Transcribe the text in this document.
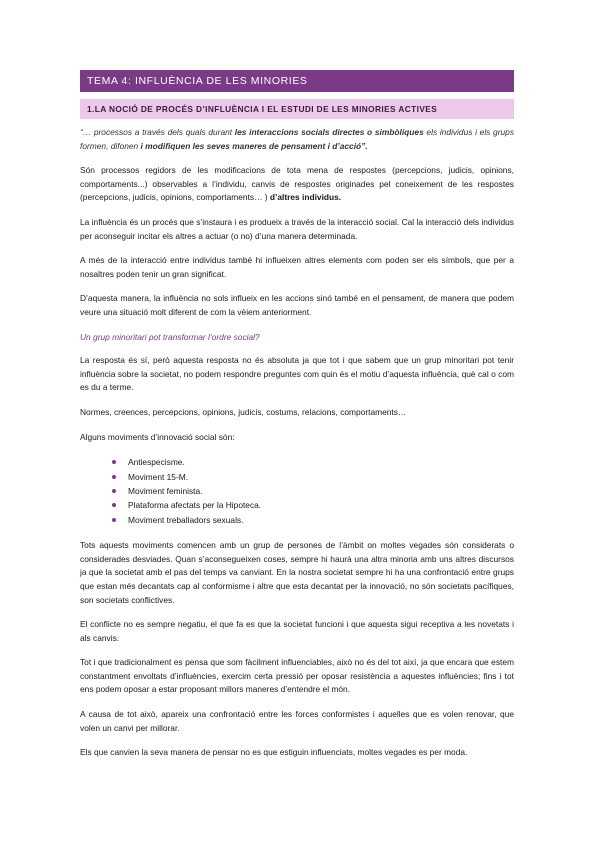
TEMA 4: INFLUÈNCIA DE LES MINORIES
1.LA NOCIÓ DE PROCÉS D’INFLUÈNCIA I EL ESTUDI DE LES MINORIES ACTIVES

“… processos a través dels quals durant les interaccions socials directes o simbòliques els individus i els grups formen, difonen i modifiquen les seves maneres de pensament i d’acció”.

Són processos regidors de les modificacions de tota mena de respostes (percepcions, judicis, opinions, comportaments...) observables a l’individu, canvis de respostes originades pel coneixement de les respostes (percepcions, judicis, opinions, comportaments… ) d’altres individus.

La influència és un procés que s’instaura i es produeix a través de la interacció social. Cal la interacció dels individus per aconseguir incitar els altres a actuar (o no) d’una manera determinada.

A més de la interacció entre individus també hi influeixen altres elements com poden ser els símbols, que per a nosaltres poden tenir un gran significat.

D’aquesta manera, la influència no sols influeix en les accions sinó també en el pensament, de manera que podem veure una situació molt diferent de com la vèiem anteriorment.

Un grup minoritari pot transformar l’ordre social?

La resposta és sí, però aquesta resposta no és absoluta ja que tot i que sabem que un grup minoritari pot tenir influència sobre la societat, no podem respondre preguntes com quin és el motiu d’aquesta influència, què cal o com es du a terme.

Normes, creences, percepcions, opinions, judicis, costums, relacions, comportaments…

Alguns moviments d’innovació social són:

Antiespecisme.
Moviment 15-M.
Moviment feminista.
Plataforma afectats per la Hipoteca.
Moviment treballadors sexuals.

Tots aquests moviments comencen amb un grup de persones de l’àmbit on moltes vegades són considerats o considerades desviades. Quan s’aconsegueixen coses, sempre hi haurà una altra minoria amb uns altres discursos ja que la societat amb el pas del temps va canviant. En la nostra societat sempre hi ha una confrontació entre grups que estan més decantats cap al conformisme i altre que esta decantat per la innovació, no són societats pacífiques, son societats conflictives.

El conflicte no es sempre negatiu, el que fa es que la societat funcioni i que aquesta sigui receptiva a les novetats i als canvis.

Tot i que tradicionalment es pensa que som fàcilment influenciables, això no és del tot així, ja que encara que estem constantment envoltats d’influències, exercim certa pressió per oposar resistència a aquestes influències; fins i tot ens podem oposar a estar proposant millors maneres d’entendre el món.

A causa de tot això, apareix una confrontació entre les forces conformistes i aquelles que es volen renovar, que volen un canvi per millorar.

Els que canvien la seva manera de pensar no es que estiguin influenciats, moltes vegades es per moda.
